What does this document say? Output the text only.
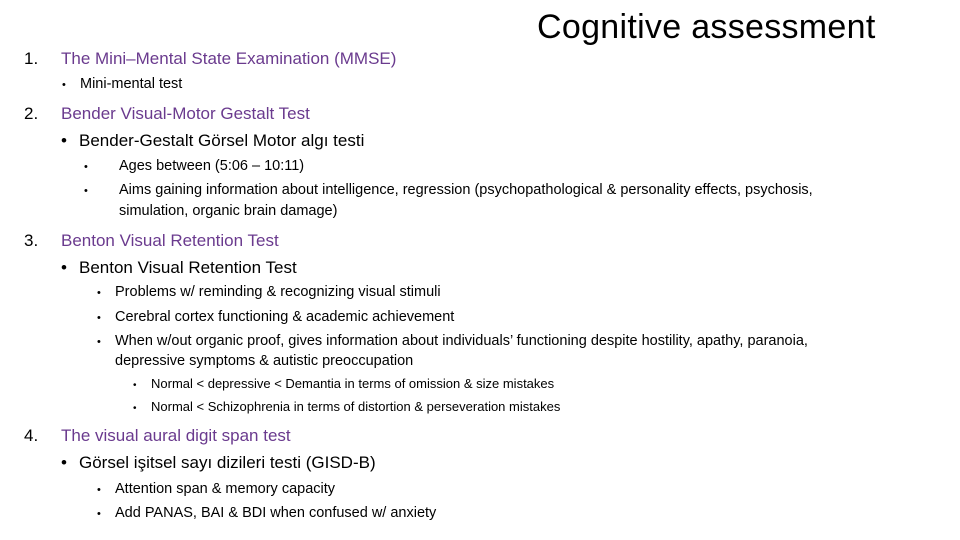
Cognitive assessment
1. The Mini–Mental State Examination (MMSE)
• Mini-mental test
2. Bender Visual-Motor Gestalt Test
• Bender-Gestalt Görsel Motor algı testi
• Ages between (5:06 – 10:11)
• Aims gaining information about intelligence, regression (psychopathological & personality effects, psychosis,
simulation, organic brain damage)
3. Benton Visual Retention Test
• Benton Visual Retention Test
• Problems w/ reminding & recognizing visual stimuli
• Cerebral cortex functioning & academic achievement
• When w/out organic proof, gives information about individuals’ functioning despite hostility, apathy, paranoia,
depressive symptoms & autistic preoccupation
• Normal < depressive < Demantia in terms of omission & size mistakes
• Normal < Schizophrenia in terms of distortion & perseveration mistakes
4. The visual aural digit span test
• Görsel işitsel sayı dizileri testi (GISD-B)
• Attention span & memory capacity
• Add PANAS, BAI & BDI when confused w/ anxiety
